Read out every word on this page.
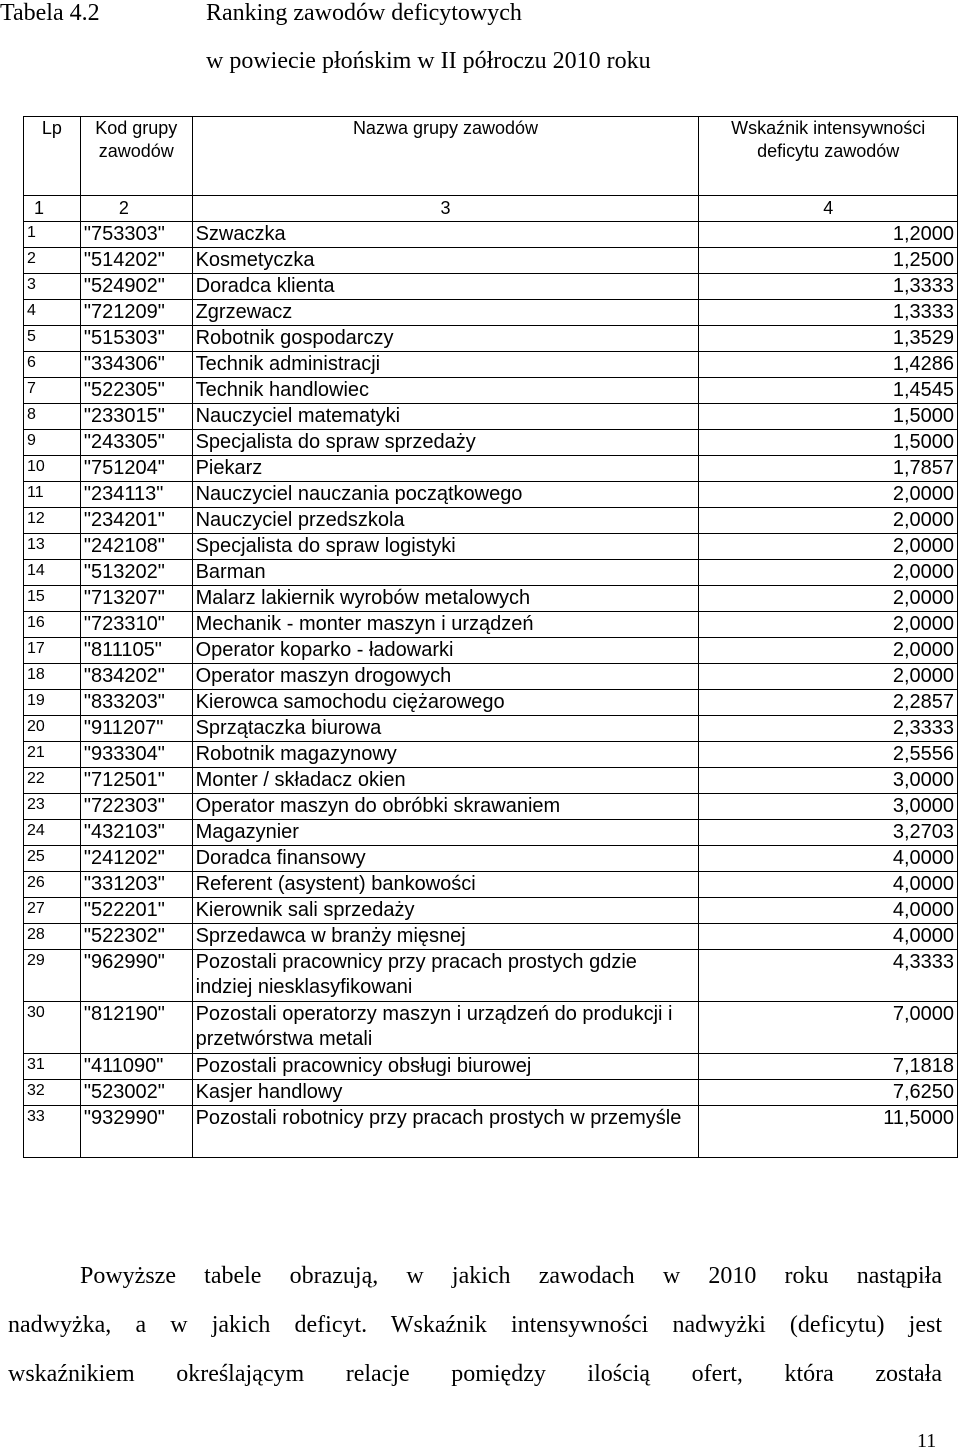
Tabela 4.2	Ranking zawodów deficytowych
w powiecie płońskim w II półroczu 2010 roku
Lp	Kod grupy zawodów	Nazwa grupy zawodów	Wskaźnik intensywności deficytu zawodów
1	2	3	4
1	"753303"	Szwaczka	1,2000
2	"514202"	Kosmetyczka	1,2500
3	"524902"	Doradca klienta	1,3333
4	"721209"	Zgrzewacz	1,3333
5	"515303"	Robotnik gospodarczy	1,3529
6	"334306"	Technik administracji	1,4286
7	"522305"	Technik handlowiec	1,4545
8	"233015"	Nauczyciel matematyki	1,5000
9	"243305"	Specjalista do spraw sprzedaży	1,5000
10	"751204"	Piekarz	1,7857
11	"234113"	Nauczyciel nauczania początkowego	2,0000
12	"234201"	Nauczyciel przedszkola	2,0000
13	"242108"	Specjalista do spraw logistyki	2,0000
14	"513202"	Barman	2,0000
15	"713207"	Malarz lakiernik wyrobów metalowych	2,0000
16	"723310"	Mechanik - monter maszyn i urządzeń	2,0000
17	"811105"	Operator koparko - ładowarki	2,0000
18	"834202"	Operator maszyn drogowych	2,0000
19	"833203"	Kierowca samochodu ciężarowego	2,2857
20	"911207"	Sprzątaczka biurowa	2,3333
21	"933304"	Robotnik magazynowy	2,5556
22	"712501"	Monter / składacz okien	3,0000
23	"722303"	Operator maszyn do obróbki skrawaniem	3,0000
24	"432103"	Magazynier	3,2703
25	"241202"	Doradca finansowy	4,0000
26	"331203"	Referent (asystent) bankowości	4,0000
27	"522201"	Kierownik sali sprzedaży	4,0000
28	"522302"	Sprzedawca w branży mięsnej	4,0000
29	"962990"	Pozostali pracownicy przy pracach prostych gdzie indziej niesklasyfikowani	4,3333
30	"812190"	Pozostali operatorzy maszyn i urządzeń do produkcji i przetwórstwa metali	7,0000
31	"411090"	Pozostali pracownicy obsługi biurowej	7,1818
32	"523002"	Kasjer handlowy	7,6250
33	"932990"	Pozostali robotnicy przy pracach prostych w przemyśle	11,5000
Powyższe tabele obrazują, w jakich zawodach w 2010 roku nastąpiła
nadwyżka, a w jakich deficyt. Wskaźnik intensywności nadwyżki (deficytu) jest
wskaźnikiem określającym relacje pomiędzy ilością ofert, która została
11
